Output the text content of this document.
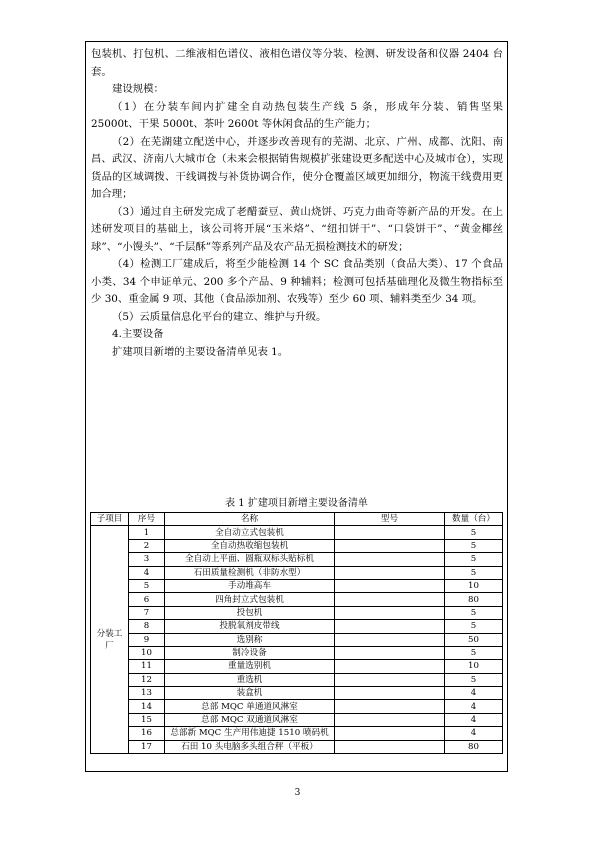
包装机、打包机、二维液相色谱仪、液相色谱仪等分装、检测、研发设备和仪器 2404 台套。

建设规模：

（1）在分装车间内扩建全自动热包装生产线 5 条，形成年分装、销售坚果 25000t、干果 5000t、茶叶 2600t 等休闲食品的生产能力；

（2）在芜湖建立配送中心，并逐步改善现有的芜湖、北京、广州、成都、沈阳、南昌、武汉、济南八大城市仓（未来会根据销售规模扩张建设更多配送中心及城市仓），实现货品的区域调拨、干线调拨与补货协调合作，使分仓覆盖区域更加细分，物流干线费用更加合理；

（3）通过自主研发完成了老醋蚕豆、黄山烧饼、巧克力曲奇等新产品的开发。在上述研发项目的基础上，该公司将开展“玉米烙”、“纽扣饼干”、“口袋饼干”、“黄金椰丝球”、“小馒头”、“千层酥”等系列产品及农产品无损检测技术的研发；

（4）检测工厂建成后，将至少能检测 14 个 SC 食品类别（食品大类）、17 个食品小类、34 个申证单元、200 多个产品、9 种辅料；检测可包括基础理化及微生物指标至少 30、重金属 9 项、其他（食品添加剂、农残等）至少 60 项、辅料类至少 34 项。

（5）云质量信息化平台的建立、维护与升级。

4.主要设备

扩建项目新增的主要设备清单见表 1。

表 1 扩建项目新增主要设备清单
子项目	序号	名称	型号	数量（台）
分装工厂	1	全自动立式包装机		5
	2	全自动热收缩包装机		5
	3	全自动上平面、圆瓶双标头贴标机		5
	4	石田质量检测机（非防水型）		5
	5	手动堆高车		10
	6	四角封立式包装机		80
	7	投包机		5
	8	投脱氧剂皮带线		5
	9	选别称		50
	10	制冷设备		5
	11	重量选别机		10
	12	重选机		5
	13	装盒机		4
	14	总部 MQC 单通道风淋室		4
	15	总部 MQC 双通道风淋室		4
	16	总部新 MQC 生产用伟迪捷 1510 喷码机		4
	17	石田 10 头电脑多头组合秤（平板）		80
3
